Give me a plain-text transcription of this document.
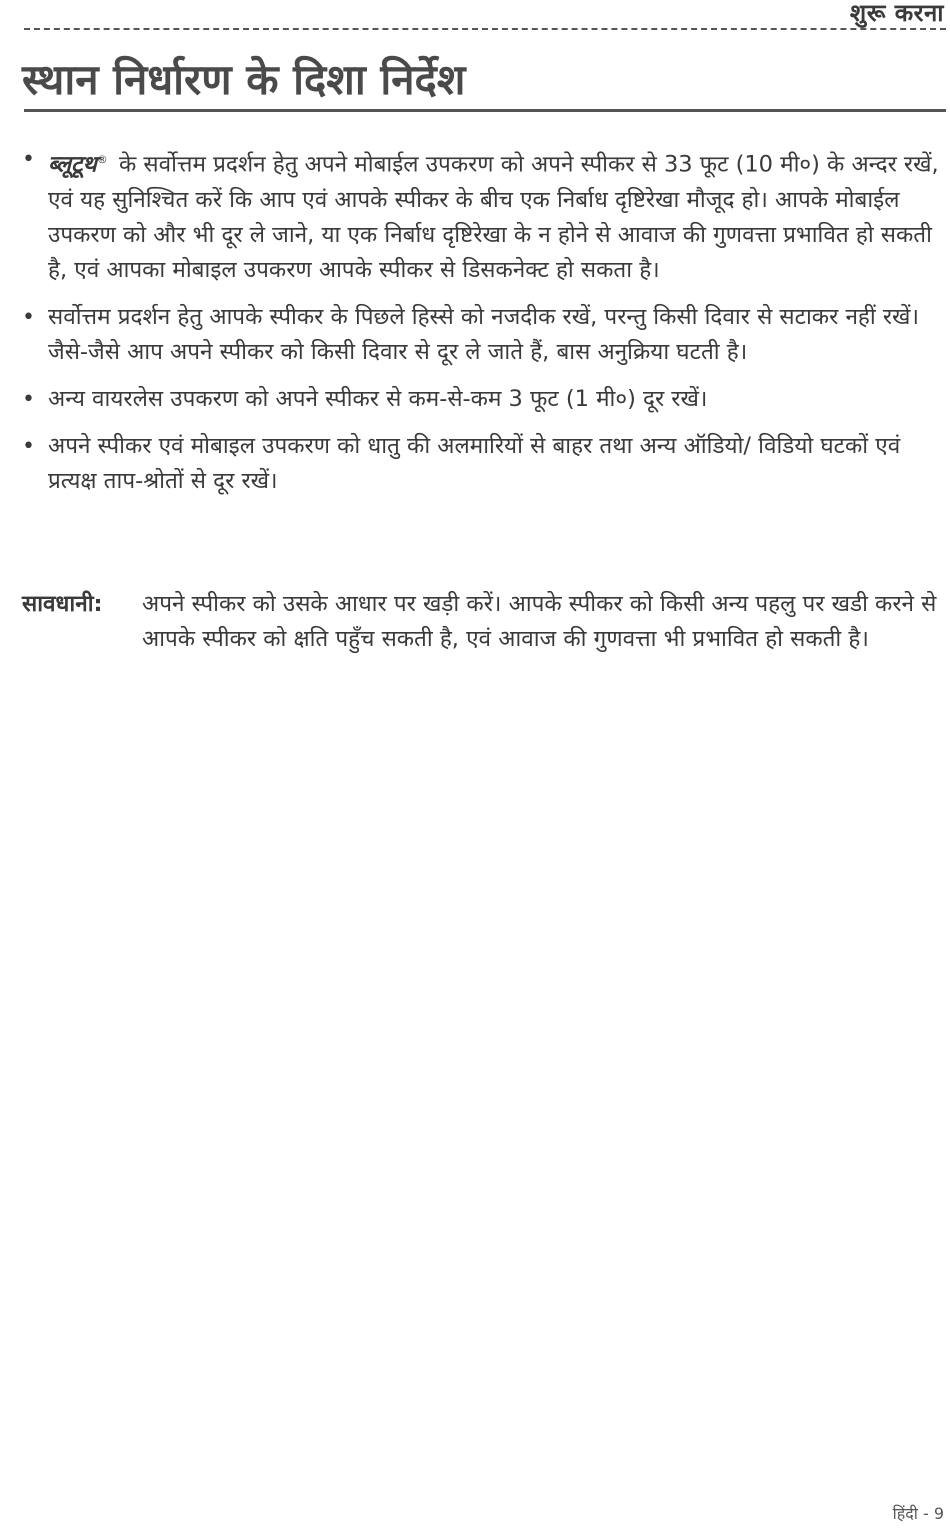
शुरू करना
स्थान निर्धारण के दिशा निर्देश
• ब्लूटूथ® के सर्वोत्तम प्रदर्शन हेतु अपने मोबाईल उपकरण को अपने स्पीकर से 33 फूट (10 मी०) के अन्दर रखें, एवं यह सुनिश्चित करें कि आप एवं आपके स्पीकर के बीच एक निर्बाध दृष्टिरेखा मौजूद हो। आपके मोबाईल उपकरण को और भी दूर ले जाने, या एक निर्बाध दृष्टिरेखा के न होने से आवाज की गुणवत्ता प्रभावित हो सकती है, एवं आपका मोबाइल उपकरण आपके स्पीकर से डिसकनेक्ट हो सकता है।
• सर्वोत्तम प्रदर्शन हेतु आपके स्पीकर के पिछले हिस्से को नजदीक रखें, परन्तु किसी दिवार से सटाकर नहीं रखें। जैसे-जैसे आप अपने स्पीकर को किसी दिवार से दूर ले जाते हैं, बास अनुक्रिया घटती है।
• अन्य वायरलेस उपकरण को अपने स्पीकर से कम-से-कम 3 फूट (1 मी०) दूर रखें।
• अपने स्पीकर एवं मोबाइल उपकरण को धातु की अलमारियों से बाहर तथा अन्य ऑडियो/ विडियो घटकों एवं प्रत्यक्ष ताप-श्रोतों से दूर रखें।
सावधानी:	अपने स्पीकर को उसके आधार पर खड़ी करें। आपके स्पीकर को किसी अन्य पहलु पर खडी करने से आपके स्पीकर को क्षति पहुँच सकती है, एवं आवाज की गुणवत्ता भी प्रभावित हो सकती है।
हिंदी - 9
